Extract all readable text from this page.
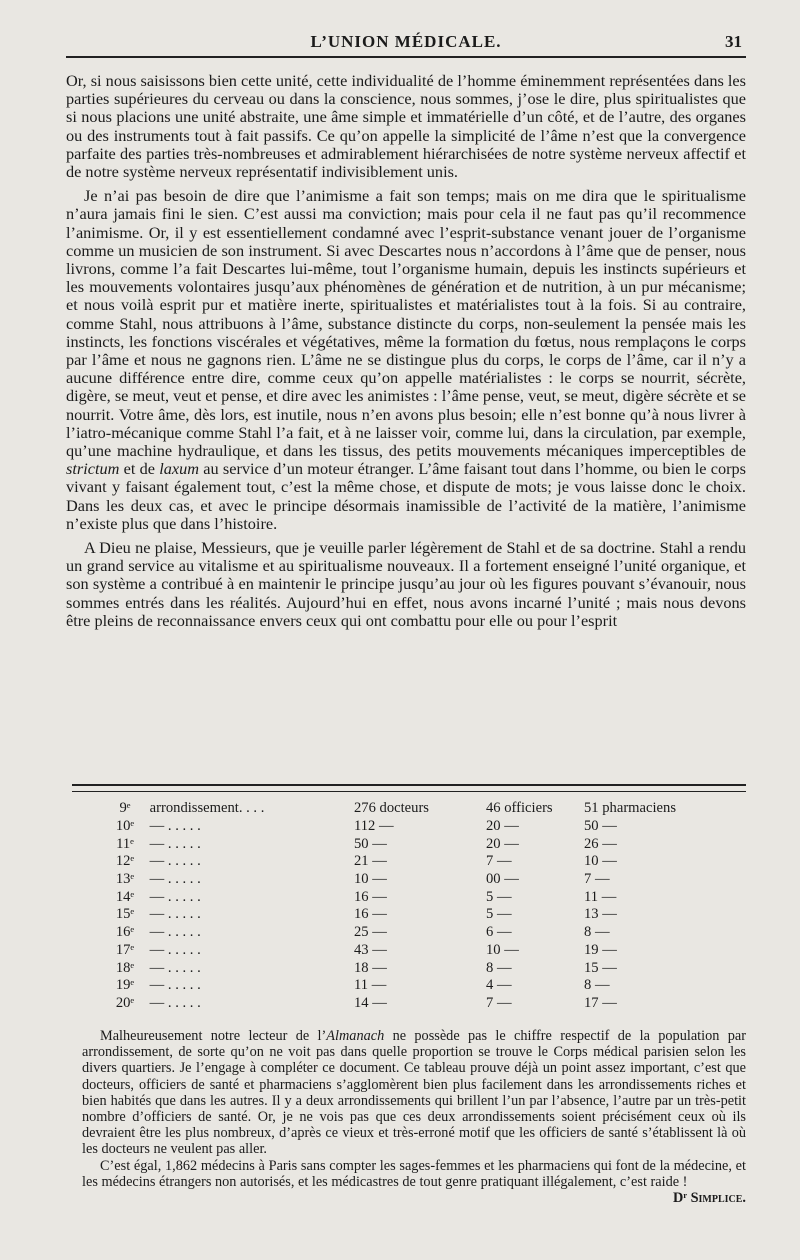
L’UNION MÉDICALE.	31

Or, si nous saisissons bien cette unité, cette individualité de l’homme éminemment représentées dans les parties supérieures du cerveau ou dans la conscience, nous sommes, j’ose le dire, plus spiritualistes que si nous placions une unité abstraite, une âme simple et immatérielle d’un côté, et de l’autre, des organes ou des instruments tout à fait passifs. Ce qu’on appelle la simplicité de l’âme n’est que la convergence parfaite des parties très-nombreuses et admirablement hiérarchisées de notre système nerveux affectif et de notre système nerveux représentatif indivisiblement unis.

Je n’ai pas besoin de dire que l’animisme a fait son temps; mais on me dira que le spiritualisme n’aura jamais fini le sien. C’est aussi ma conviction; mais pour cela il ne faut pas qu’il recommence l’animisme. Or, il y est essentiellement condamné avec l’esprit-substance venant jouer de l’organisme comme un musicien de son instrument. Si avec Descartes nous n’accordons à l’âme que de penser, nous livrons, comme l’a fait Descartes lui-même, tout l’organisme humain, depuis les instincts supérieurs et les mouvements volontaires jusqu’aux phénomènes de génération et de nutrition, à un pur mécanisme; et nous voilà esprit pur et matière inerte, spiritualistes et matérialistes tout à la fois. Si au contraire, comme Stahl, nous attribuons à l’âme, substance distincte du corps, non-seulement la pensée mais les instincts, les fonctions viscérales et végétatives, même la formation du fœtus, nous remplaçons le corps par l’âme et nous ne gagnons rien. L’âme ne se distingue plus du corps, le corps de l’âme, car il n’y a aucune différence entre dire, comme ceux qu’on appelle matérialistes : le corps se nourrit, sécrète, digère, se meut, veut et pense, et dire avec les animistes : l’âme pense, veut, se meut, digère sécrète et se nourrit. Votre âme, dès lors, est inutile, nous n’en avons plus besoin; elle n’est bonne qu’à nous livrer à l’iatro-mécanique comme Stahl l’a fait, et à ne laisser voir, comme lui, dans la circulation, par exemple, qu’une machine hydraulique, et dans les tissus, des petits mouvements mécaniques imperceptibles de strictum et de laxum au service d’un moteur étranger. L’âme faisant tout dans l’homme, ou bien le corps vivant y faisant également tout, c’est la même chose, et dispute de mots; je vous laisse donc le choix. Dans les deux cas, et avec le principe désormais inamissible de l’activité de la matière, l’animisme n’existe plus que dans l’histoire.

A Dieu ne plaise, Messieurs, que je veuille parler légèrement de Stahl et de sa doctrine. Stahl a rendu un grand service au vitalisme et au spiritualisme nouveaux. Il a fortement enseigné l’unité organique, et son système a contribué à en maintenir le principe jusqu’au jour où les figures pouvant s’évanouir, nous sommes entrés dans les réalités. Aujourd’hui en effet, nous avons incarné l’unité ; mais nous devons être pleins de reconnaissance envers ceux qui ont combattu pour elle ou pour l’esprit

9ᵉ arrondissement. . . .	276 docteurs	46 officiers	51 pharmaciens
10ᵉ — . . . . .	112 —	20 —	50 —
11ᵉ — . . . . .	50 —	20 —	26 —
12ᵉ — . . . . .	21 —	7 —	10 —
13ᵉ — . . . . .	10 —	00 —	7 —
14ᵉ — . . . . .	16 —	5 —	11 —
15ᵉ — . . . . .	16 —	5 —	13 —
16ᵉ — . . . . .	25 —	6 —	8 —
17ᵉ — . . . . .	43 —	10 —	19 —
18ᵉ — . . . . .	18 —	8 —	15 —
19ᵉ — . . . . .	11 —	4 —	8 —
20ᵉ — . . . . .	14 —	7 —	17 —

Malheureusement notre lecteur de l’Almanach ne possède pas le chiffre respectif de la population par arrondissement, de sorte qu’on ne voit pas dans quelle proportion se trouve le Corps médical parisien selon les divers quartiers. Je l’engage à compléter ce document. Ce tableau prouve déjà un point assez important, c’est que docteurs, officiers de santé et pharmaciens s’agglomèrent bien plus facilement dans les arrondissements riches et bien habités que dans les autres. Il y a deux arrondissements qui brillent l’un par l’absence, l’autre par un très-petit nombre d’officiers de santé. Or, je ne vois pas que ces deux arrondissements soient précisément ceux où ils devraient être les plus nombreux, d’après ce vieux et très-erroné motif que les officiers de santé s’établissent là où les docteurs ne veulent pas aller.

C’est égal, 1,862 médecins à Paris sans compter les sages-femmes et les pharmaciens qui font de la médecine, et les médecins étrangers non autorisés, et les médicastres de tout genre pratiquant illégalement, c’est raide !
Dʳ Simplice.
